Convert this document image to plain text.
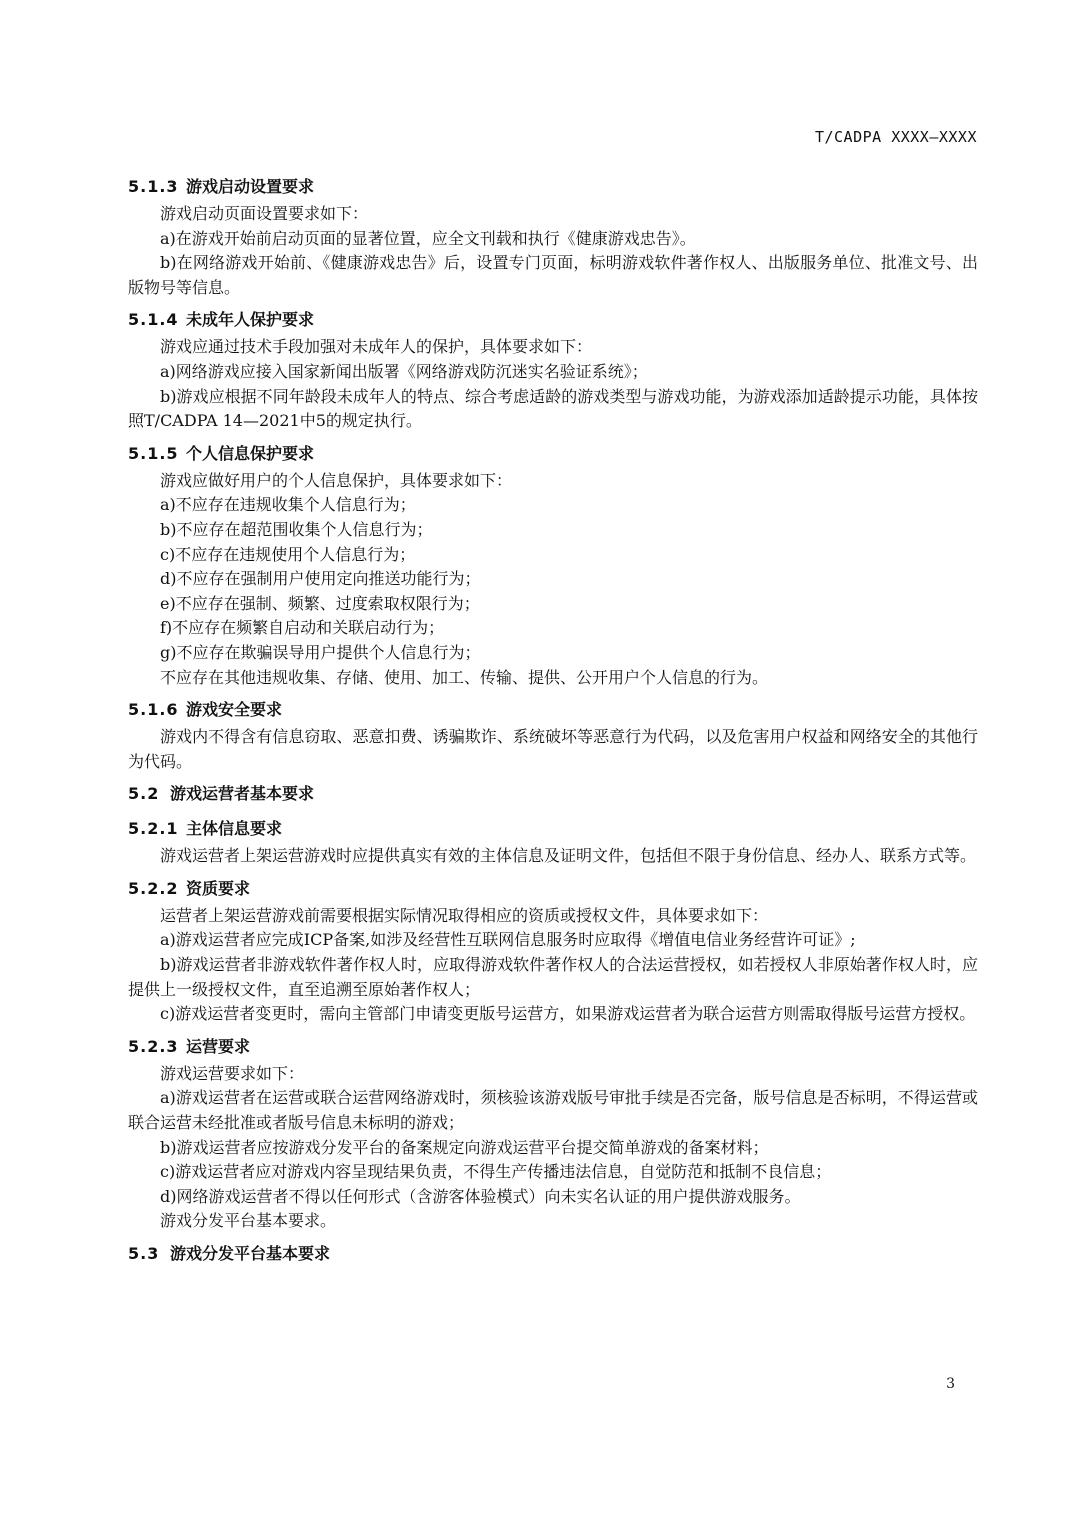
T/CADPA XXXX—XXXX
5.1.3 游戏启动设置要求

游戏启动页面设置要求如下：

a)在游戏开始前启动页面的显著位置，应全文刊载和执行《健康游戏忠告》。

b)在网络游戏开始前、《健康游戏忠告》后，设置专门页面，标明游戏软件著作权人、出版服务单位、批准文号、出版物号等信息。

5.1.4 未成年人保护要求

游戏应通过技术手段加强对未成年人的保护，具体要求如下：

a)网络游戏应接入国家新闻出版署《网络游戏防沉迷实名验证系统》；

b)游戏应根据不同年龄段未成年人的特点、综合考虑适龄的游戏类型与游戏功能，为游戏添加适龄提示功能，具体按照T/CADPA 14—2021中5的规定执行。

5.1.5 个人信息保护要求

游戏应做好用户的个人信息保护，具体要求如下：

a)不应存在违规收集个人信息行为；

b)不应存在超范围收集个人信息行为；

c)不应存在违规使用个人信息行为；

d)不应存在强制用户使用定向推送功能行为；

e)不应存在强制、频繁、过度索取权限行为；

f)不应存在频繁自启动和关联启动行为；

g)不应存在欺骗误导用户提供个人信息行为；

不应存在其他违规收集、存储、使用、加工、传输、提供、公开用户个人信息的行为。

5.1.6 游戏安全要求

游戏内不得含有信息窃取、恶意扣费、诱骗欺诈、系统破坏等恶意行为代码，以及危害用户权益和网络安全的其他行为代码。

5.2 游戏运营者基本要求
5.2.1 主体信息要求

游戏运营者上架运营游戏时应提供真实有效的主体信息及证明文件，包括但不限于身份信息、经办人、联系方式等。

5.2.2 资质要求

运营者上架运营游戏前需要根据实际情况取得相应的资质或授权文件，具体要求如下：

a)游戏运营者应完成ICP备案,如涉及经营性互联网信息服务时应取得《增值电信业务经营许可证》;

b)游戏运营者非游戏软件著作权人时，应取得游戏软件著作权人的合法运营授权，如若授权人非原始著作权人时，应提供上一级授权文件，直至追溯至原始著作权人；

c)游戏运营者变更时，需向主管部门申请变更版号运营方，如果游戏运营者为联合运营方则需取得版号运营方授权。

5.2.3 运营要求

游戏运营要求如下：

a)游戏运营者在运营或联合运营网络游戏时，须核验该游戏版号审批手续是否完备，版号信息是否标明，不得运营或联合运营未经批准或者版号信息未标明的游戏；

b)游戏运营者应按游戏分发平台的备案规定向游戏运营平台提交简单游戏的备案材料；

c)游戏运营者应对游戏内容呈现结果负责，不得生产传播违法信息，自觉防范和抵制不良信息；

d)网络游戏运营者不得以任何形式（含游客体验模式）向未实名认证的用户提供游戏服务。

游戏分发平台基本要求。

5.3 游戏分发平台基本要求
3
